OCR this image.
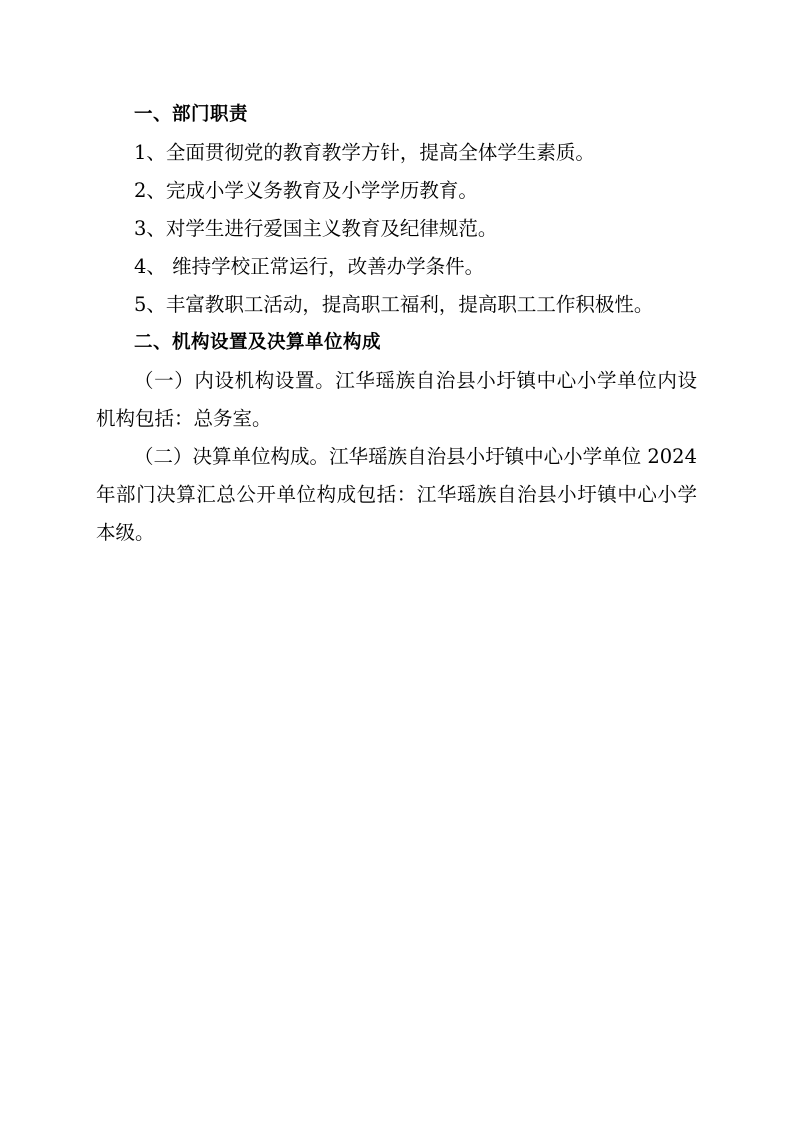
一、部门职责

1、全面贯彻党的教育教学方针，提高全体学生素质。

2、完成小学义务教育及小学学历教育。

3、对学生进行爱国主义教育及纪律规范。

4、 维持学校正常运行，改善办学条件。

5、丰富教职工活动，提高职工福利，提高职工工作积极性。

二、机构设置及决算单位构成

（一）内设机构设置。江华瑶族自治县小圩镇中心小学单位内设机构包括：总务室。

（二）决算单位构成。江华瑶族自治县小圩镇中心小学单位 2024 年部门决算汇总公开单位构成包括：江华瑶族自治县小圩镇中心小学本级。
